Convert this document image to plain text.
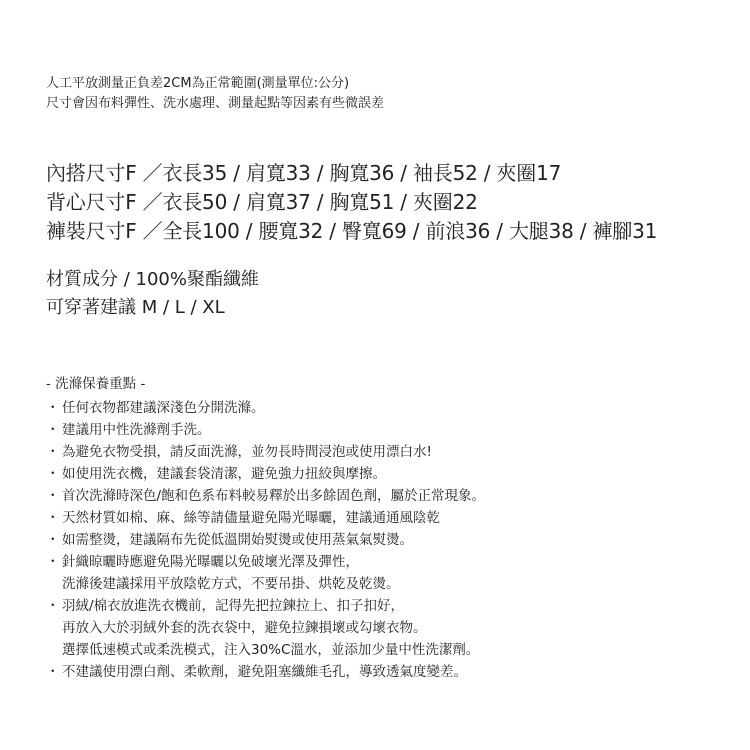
人工平放測量正負差2CM為正常範圍(測量單位:公分)
尺寸會因布料彈性、洗水處理、測量起點等因素有些微誤差
內搭尺寸F ／衣長35 / 肩寬33 / 胸寬36 / 袖長52 / 夾圈17
背心尺寸F ／衣長50 / 肩寬37 / 胸寬51 / 夾圈22
褲裝尺寸F ／全長100 / 腰寬32 / 臀寬69 / 前浪36 / 大腿38 / 褲腳31
材質成分 / 100%聚酯纖維
可穿著建議 M / L / XL
- 洗滌保養重點 -
・ 任何衣物都建議深淺色分開洗滌。
・ 建議用中性洗滌劑手洗。
・ 為避免衣物受損，請反面洗滌，並勿長時間浸泡或使用漂白水!
・ 如使用洗衣機，建議套袋清潔，避免強力扭絞與摩擦。
・ 首次洗滌時深色/飽和色系布料較易釋於出多餘固色劑，屬於正常現象。
・ 天然材質如棉、麻、絲等請儘量避免陽光曝曬，建議通通風陰乾
・ 如需整燙，建議隔布先從低溫開始熨燙或使用蒸氣氣熨燙。
・ 針織晾曬時應避免陽光曝曬以免破壞光澤及彈性，
洗滌後建議採用平放陰乾方式，不要吊掛、烘乾及乾燙。
・ 羽絨/棉衣放進洗衣機前，記得先把拉鍊拉上、扣子扣好，
再放入大於羽絨外套的洗衣袋中，避免拉鍊損壞或勾壞衣物。
選擇低速模式或柔洗模式，注入30%C溫水，並添加少量中性洗潔劑。
・ 不建議使用漂白劑、柔軟劑，避免阻塞纖維毛孔，導致透氣度變差。
